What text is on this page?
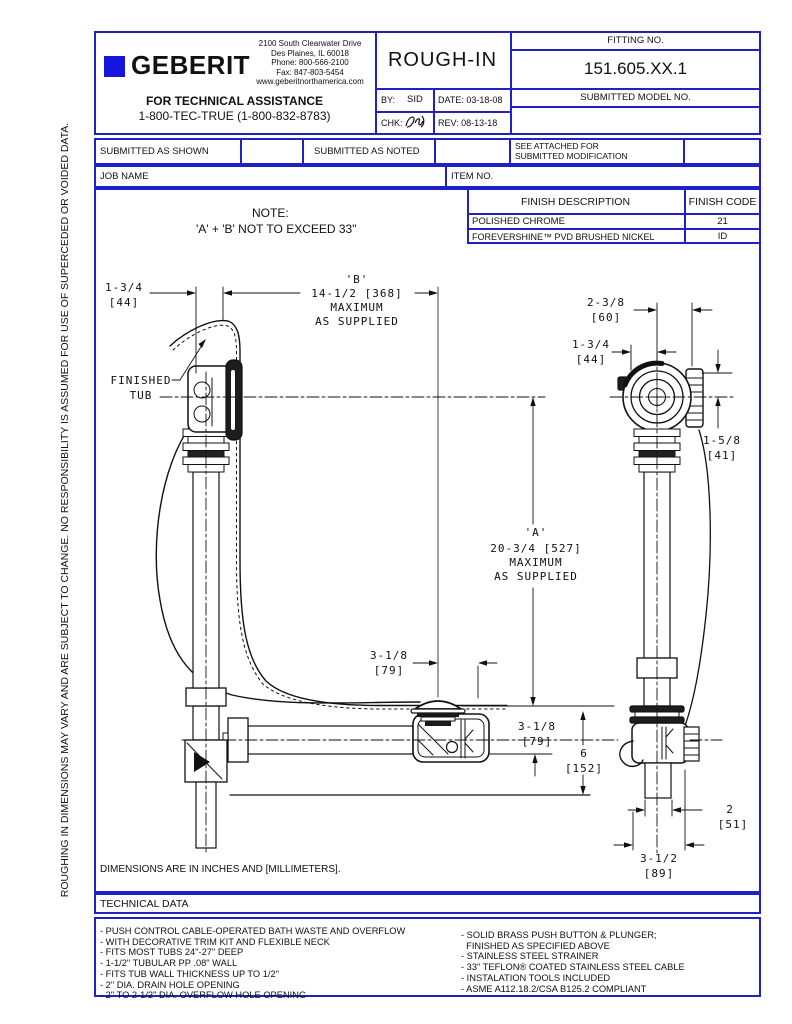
ROUGHING IN DIMENSIONS MAY VARY AND ARE SUBJECT TO CHANGE. NO RESPONSIBILITY IS ASSUMED FOR USE OF SUPERCEDED OR VOIDED DATA.
GEBERIT
2100 South Clearwater Drive
Des Plaines, IL 60018
Phone: 800-566-2100
Fax: 847-803-5454
www.geberitnorthamerica.com
FOR TECHNICAL ASSISTANCE
1-800-TEC-TRUE (1-800-832-8783)
ROUGH-IN
BY: SID DATE: 03-18-08
CHK:	REV: 08-13-18
FITTING NO.
151.605.XX.1
SUBMITTED MODEL NO.
SUBMITTED AS SHOWN	SUBMITTED AS NOTED	SEE ATTACHED FOR
SUBMITTED MODIFICATION
JOB NAME	ITEM NO.
FINISH DESCRIPTION	FINISH CODE
POLISHED CHROME	21
FOREVERSHINE™ PVD BRUSHED NICKEL	ID
NOTE:
'A' + 'B' NOT TO EXCEED 33"
DIMENSIONS ARE IN INCHES AND [MILLIMETERS].
TECHNICAL DATA
- PUSH CONTROL CABLE-OPERATED BATH WASTE AND OVERFLOW
- WITH DECORATIVE TRIM KIT AND FLEXIBLE NECK
- FITS MOST TUBS 24"-27" DEEP
- 1-1/2" TUBULAR PP .08" WALL
- FITS TUB WALL THICKNESS UP TO 1/2"
- 2" DIA. DRAIN HOLE OPENING
- 2" TO 2-1/2" DIA. OVERFLOW HOLE OPENING
- SOLID BRASS PUSH BUTTON & PLUNGER;
FINISHED AS SPECIFIED ABOVE
- STAINLESS STEEL STRAINER
- 33" TEFLON® COATED STAINLESS STEEL CABLE
- INSTALATION TOOLS INCLUDED
- ASME A112.18.2/CSA B125.2 COMPLIANT
1-3/4
[44]
'B'
14-1/2 [368]
MAXIMUM
AS SUPPLIED
FINISHED
TUB
'A'
20-3/4 [527]
MAXIMUM
AS SUPPLIED
3-1/8
[79]
3-1/8
[79]
6
[152]
2-3/8
[60]
1-3/4
[44]
1-5/8
[41]
2
[51]
3-1/2
[89]
